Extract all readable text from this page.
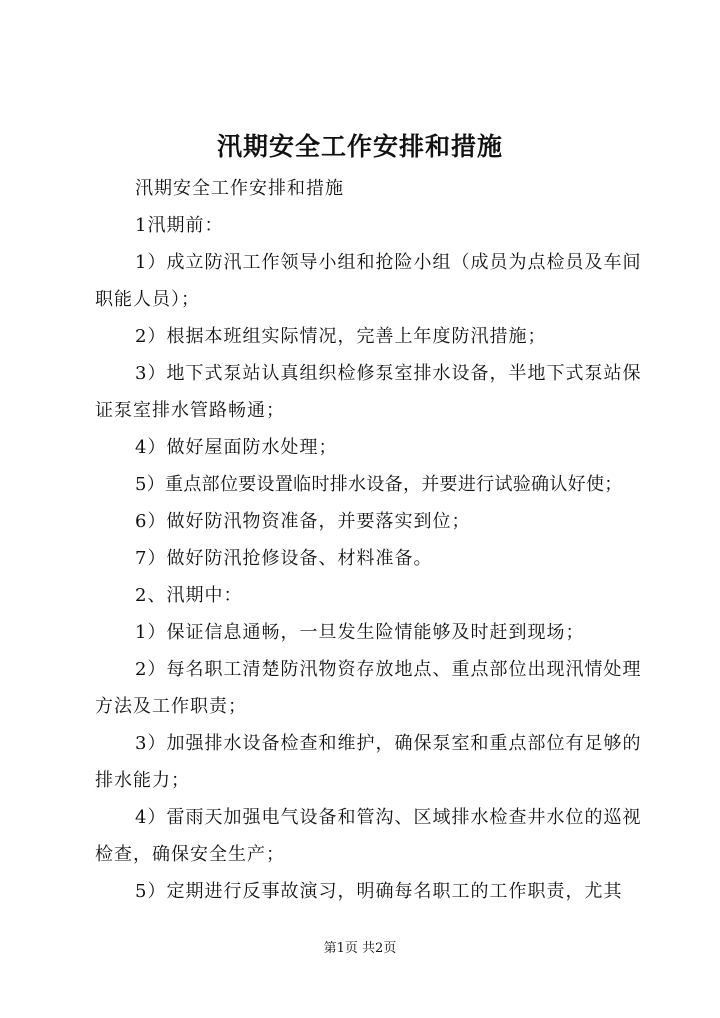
汛期安全工作安排和措施

汛期安全工作安排和措施

1汛期前：

1）成立防汛工作领导小组和抢险小组（成员为点检员及车间职能人员）；

2）根据本班组实际情况，完善上年度防汛措施；

3）地下式泵站认真组织检修泵室排水设备，半地下式泵站保证泵室排水管路畅通；

4）做好屋面防水处理；

5）重点部位要设置临时排水设备，并要进行试验确认好使；

6）做好防汛物资准备，并要落实到位；

7）做好防汛抢修设备、材料准备。

2、汛期中：

1）保证信息通畅，一旦发生险情能够及时赶到现场；

2）每名职工清楚防汛物资存放地点、重点部位出现汛情处理方法及工作职责；

3）加强排水设备检查和维护，确保泵室和重点部位有足够的排水能力；

4）雷雨天加强电气设备和管沟、区域排水检查井水位的巡视检查，确保安全生产；

5）定期进行反事故演习，明确每名职工的工作职责，尤其

第1页 共2页
